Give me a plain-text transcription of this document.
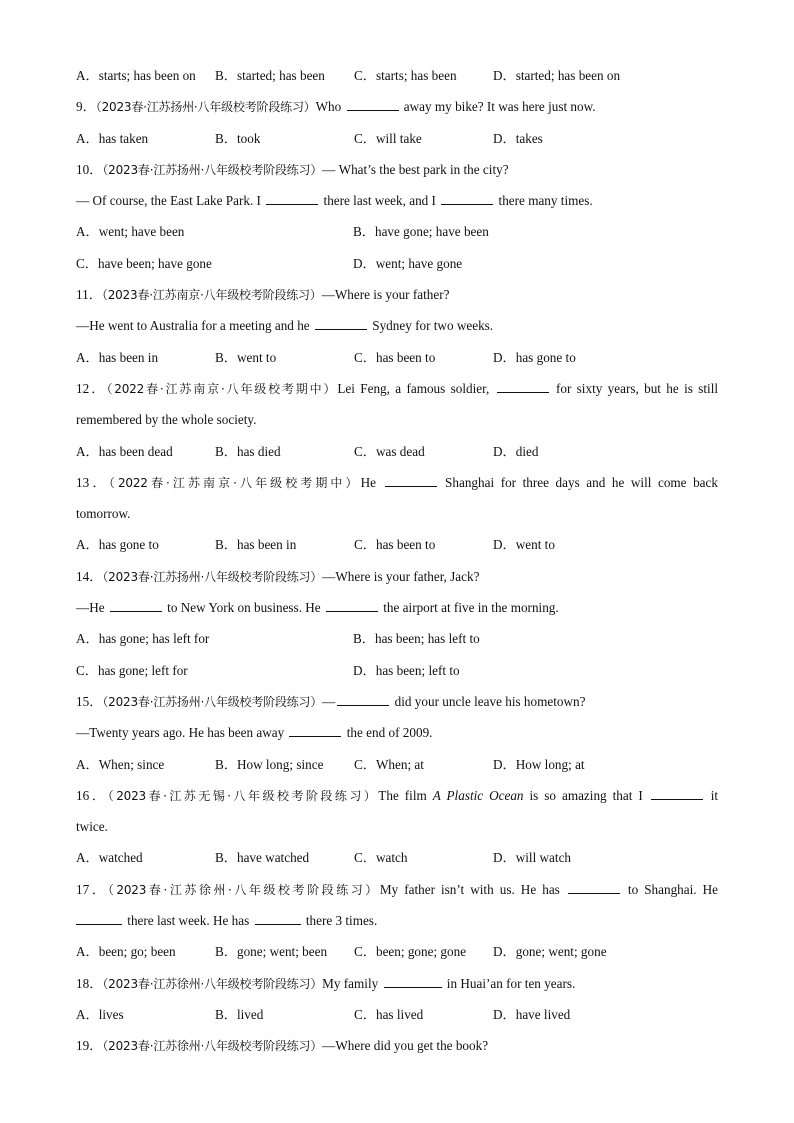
A．starts; has been on	B．started; has been	C．starts; has been	D．started; has been on
9．（2023春·江苏扬州·八年级校考阶段练习）Who	away my bike? It was here just now.
A．has taken	B．took	C．will take	D．takes
10．（2023春·江苏扬州·八年级校考阶段练习）— What’s the best park in the city?
— Of course, the East Lake Park. I	there last week, and I	there many times.
A．went; have been	B．have gone; have been
C．have been; have gone	D．went; have gone
11．（2023春·江苏南京·八年级校考阶段练习）—Where is your father?
—He went to Australia for a meeting and he	Sydney for two weeks.
A．has been in	B．went to	C．has been to	D．has gone to
12．（2022春·江苏南京·八年级校考期中）Lei Feng, a famous soldier,	for sixty years, but he is still
remembered by the whole society.
A．has been dead	B．has died	C．was dead	D．died
13．（2022春·江苏南京·八年级校考期中）He	Shanghai for three days and he will come back
tomorrow.
A．has gone to	B．has been in	C．has been to	D．went to
14．（2023春·江苏扬州·八年级校考阶段练习）—Where is your father, Jack?
—He	to New York on business. He	the airport at five in the morning.
A．has gone; has left for	B．has been; has left to
C．has gone; left for	D．has been; left to
15．（2023春·江苏扬州·八年级校考阶段练习）—	did your uncle leave his hometown?
—Twenty years ago. He has been away	the end of 2009.
A．When; since	B．How long; since	C．When; at	D．How long; at
16．（2023春·江苏无锡·八年级校考阶段练习）The film A Plastic Ocean is so amazing that I	it
twice.
A．watched	B．have watched	C．watch	D．will watch
17．（2023春·江苏徐州·八年级校考阶段练习）My father isn’t with us. He has	to Shanghai. He
there last week. He has	there 3 times.
A．been; go; been	B．gone; went; been	C．been; gone; gone	D．gone; went; gone
18．（2023春·江苏徐州·八年级校考阶段练习）My family	in Huai’an for ten years.
A．lives	B．lived	C．has lived	D．have lived
19．（2023春·江苏徐州·八年级校考阶段练习）—Where did you get the book?
